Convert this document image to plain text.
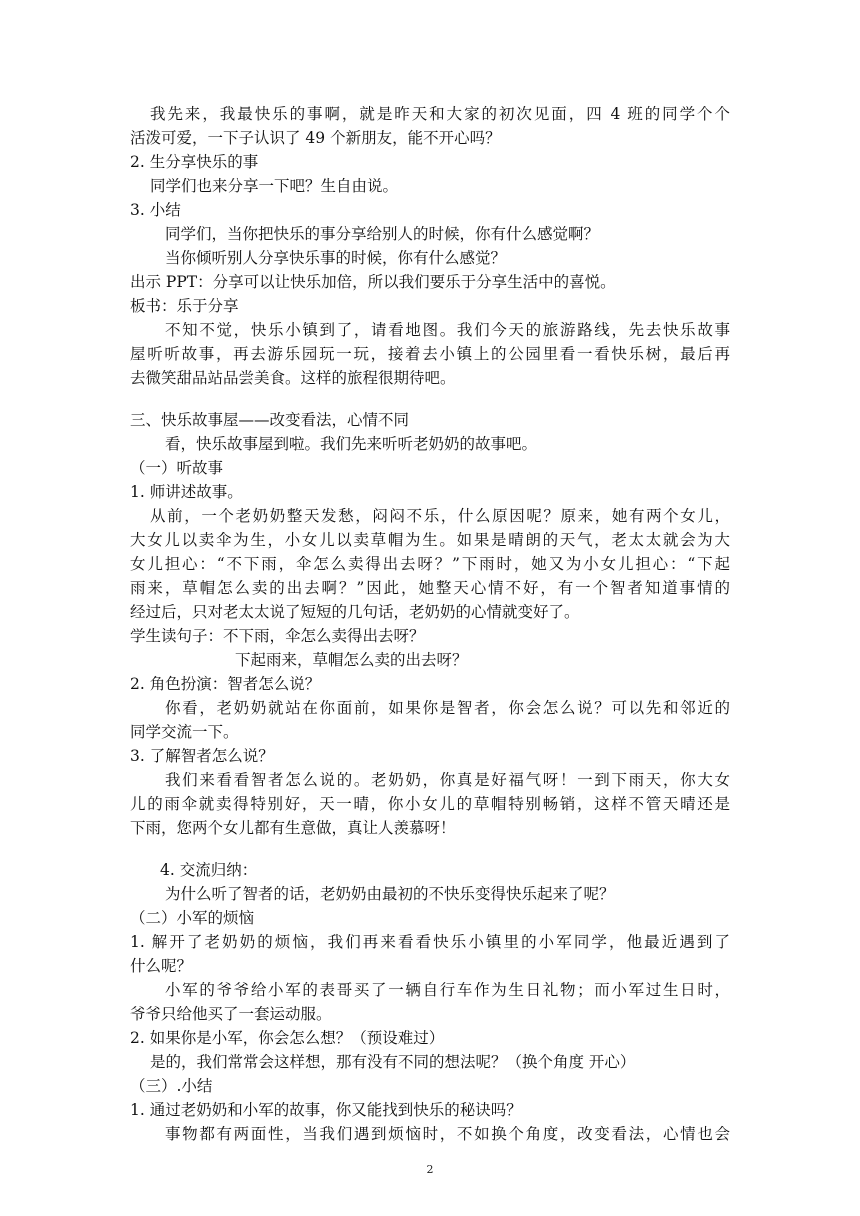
我先来，我最快乐的事啊，就是昨天和大家的初次见面，四 4 班的同学个个
活泼可爱，一下子认识了 49 个新朋友，能不开心吗？
2. 生分享快乐的事
同学们也来分享一下吧？生自由说。
3. 小结
同学们，当你把快乐的事分享给别人的时候，你有什么感觉啊？
当你倾听别人分享快乐事的时候，你有什么感觉？
出示 PPT：分享可以让快乐加倍，所以我们要乐于分享生活中的喜悦。
板书：乐于分享
不知不觉，快乐小镇到了，请看地图。我们今天的旅游路线，先去快乐故事
屋听听故事，再去游乐园玩一玩，接着去小镇上的公园里看一看快乐树，最后再
去微笑甜品站品尝美食。这样的旅程很期待吧。
三、快乐故事屋——改变看法，心情不同
看，快乐故事屋到啦。我们先来听听老奶奶的故事吧。
（一）听故事
1. 师讲述故事。
从前，一个老奶奶整天发愁，闷闷不乐，什么原因呢？原来，她有两个女儿，
大女儿以卖伞为生，小女儿以卖草帽为生。如果是晴朗的天气，老太太就会为大
女儿担心：“不下雨，伞怎么卖得出去呀？”下雨时，她又为小女儿担心：“下起
雨来，草帽怎么卖的出去啊？”因此，她整天心情不好，有一个智者知道事情的
经过后，只对老太太说了短短的几句话，老奶奶的心情就变好了。
学生读句子：不下雨，伞怎么卖得出去呀？
下起雨来，草帽怎么卖的出去呀？
2. 角色扮演：智者怎么说？
你看，老奶奶就站在你面前，如果你是智者，你会怎么说？可以先和邻近的
同学交流一下。
3. 了解智者怎么说？
我们来看看智者怎么说的。老奶奶，你真是好福气呀！一到下雨天，你大女
儿的雨伞就卖得特别好，天一晴，你小女儿的草帽特别畅销，这样不管天晴还是
下雨，您两个女儿都有生意做，真让人羡慕呀！
4. 交流归纳：
为什么听了智者的话，老奶奶由最初的不快乐变得快乐起来了呢？
（二）小军的烦恼
1. 解开了老奶奶的烦恼，我们再来看看快乐小镇里的小军同学，他最近遇到了
什么呢？
小军的爷爷给小军的表哥买了一辆自行车作为生日礼物；而小军过生日时，
爷爷只给他买了一套运动服。
2. 如果你是小军，你会怎么想？（预设难过）
是的，我们常常会这样想，那有没有不同的想法呢？（换个角度 开心）
（三）.小结
1. 通过老奶奶和小军的故事，你又能找到快乐的秘诀吗？
事物都有两面性，当我们遇到烦恼时，不如换个角度，改变看法，心情也会
2
